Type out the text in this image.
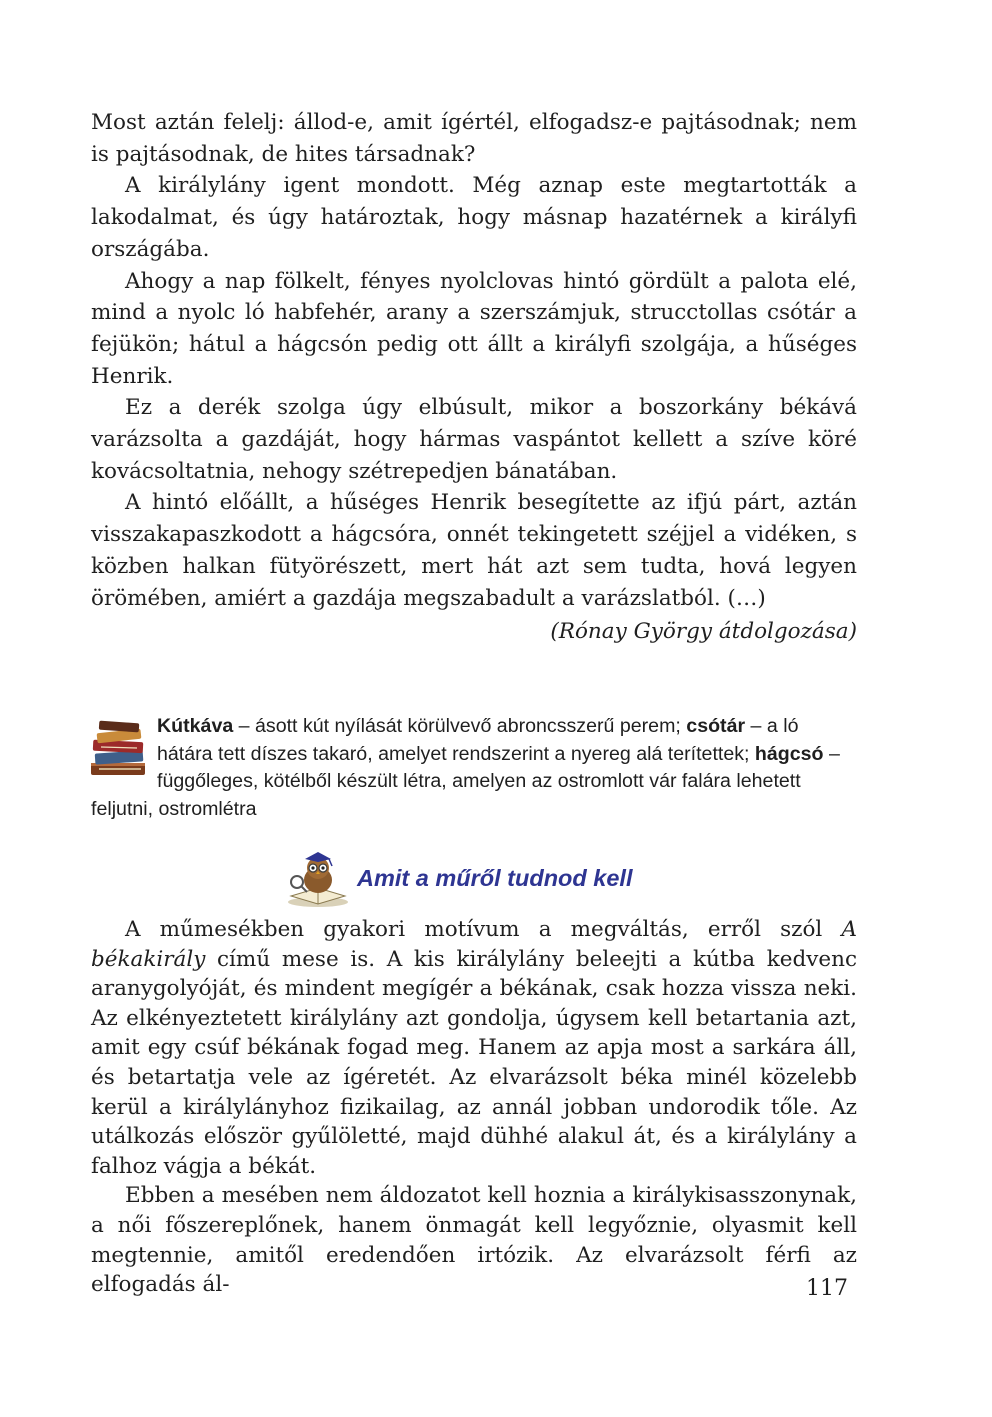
Most aztán felelj: állod-e, amit ígértél, elfogadsz-e pajtásodnak; nem is pajtásodnak, de hites társadnak?

A királylány igent mondott. Még aznap este megtartották a lakodalmat, és úgy határoztak, hogy másnap hazatérnek a királyfi országába.

Ahogy a nap fölkelt, fényes nyolclovas hintó gördült a palota elé, mind a nyolc ló habfehér, arany a szerszámjuk, strucctollas csótár a fejükön; hátul a hágcsón pedig ott állt a királyfi szolgája, a hűséges Henrik.

Ez a derék szolga úgy elbúsult, mikor a boszorkány békává varázsolta a gazdáját, hogy hármas vaspántot kellett a szíve köré kovácsoltatnia, nehogy szétrepedjen bánatában.

A hintó előállt, a hűséges Henrik besegítette az ifjú párt, aztán visszakapaszkodott a hágcsóra, onnét tekingetett széjjel a vidéken, s közben halkan fütyörészett, mert hát azt sem tudta, hová legyen örömében, amiért a gazdája megszabadult a varázslatból. (…)

(Rónay György átdolgozása)

Kútkáva – ásott kút nyílását körülvevő abroncsszerű perem; csótár – a ló hátára tett díszes takaró, amelyet rendszerint a nyereg alá terítettek; hágcsó – függőleges, kötélből készült létra, amelyen az ostromlott vár falára lehetett feljutni, ostromlétra
Amit a műről tudnod kell

A műmesékben gyakori motívum a megváltás, erről szól A békakirály című mese is. A kis királylány beleejti a kútba kedvenc aranygolyóját, és mindent megígér a békának, csak hozza vissza neki. Az elkényeztetett királylány azt gondolja, úgysem kell betartania azt, amit egy csúf békának fogad meg. Hanem az apja most a sarkára áll, és betartatja vele az ígéretét. Az elvarázsolt béka minél közelebb kerül a királylányhoz fizikailag, az annál jobban undorodik tőle. Az utálkozás először gyűlöletté, majd dühhé alakul át, és a királylány a falhoz vágja a békát.

Ebben a mesében nem áldozatot kell hoznia a királykisasszonynak, a női főszereplőnek, hanem önmagát kell legyőznie, olyasmit kell megtennie, amitől eredendően irtózik. Az elvarázsolt férfi az elfogadás ál-	117
